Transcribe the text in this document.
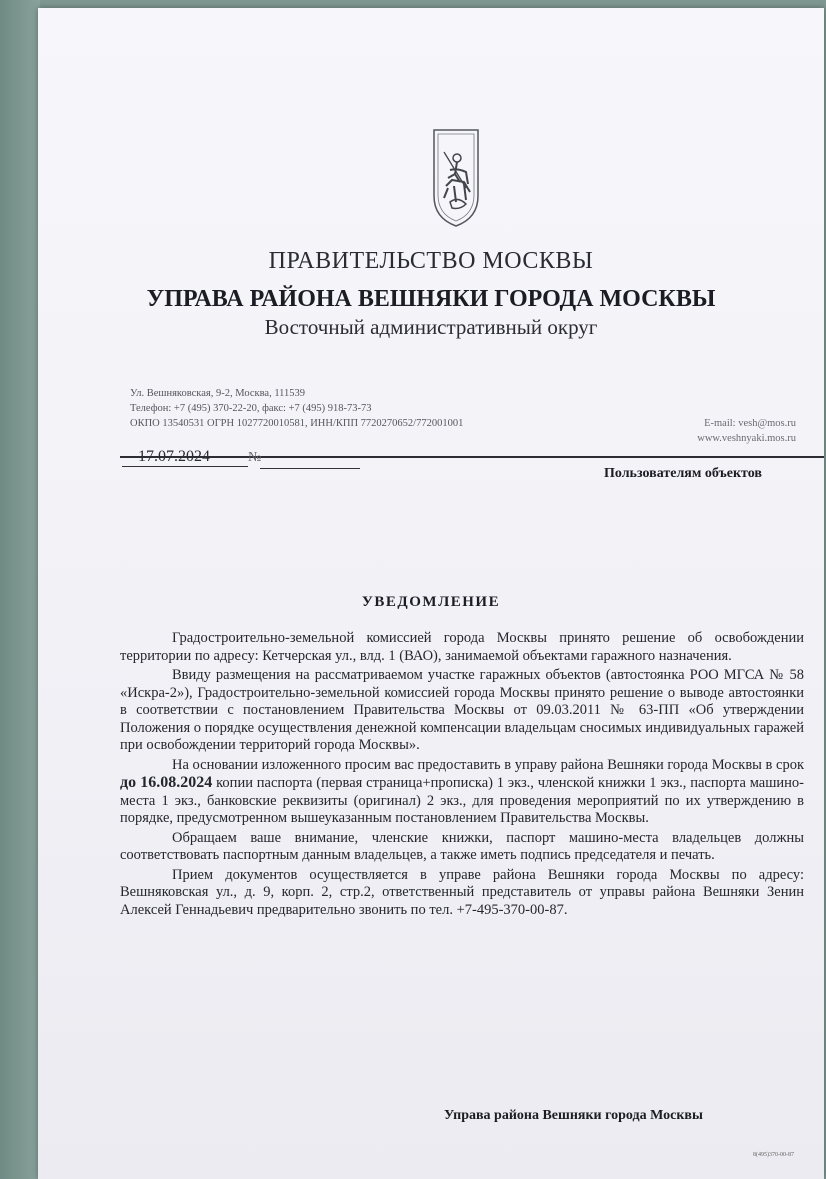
ПРАВИТЕЛЬСТВО МОСКВЫ
УПРАВА РАЙОНА ВЕШНЯКИ ГОРОДА МОСКВЫ
Восточный административный округ
Ул. Вешняковская, 9-2, Москва, 111539
Телефон: +7 (495) 370-22-20, факс: +7 (495) 918-73-73
ОКПО 13540531 ОГРН 1027720010581, ИНН/КПП 7720270652/772001001	E-mail: vesh@mos.ru
www.veshnyaki.mos.ru
17.07.2024	№
Пользователям объектов
УВЕДОМЛЕНИЕ

Градостроительно-земельной комиссией города Москвы принято решение об освобождении территории по адресу: Кетчерская ул., влд. 1 (ВАО), занимаемой объектами гаражного назначения.

Ввиду размещения на рассматриваемом участке гаражных объектов (автостоянка РОО МГСА № 58 «Искра-2»), Градостроительно-земельной комиссией города Москвы принято решение о выводе автостоянки в соответствии с постановлением Правительства Москвы от 09.03.2011 № 63-ПП «Об утверждении Положения о порядке осуществления денежной компенсации владельцам сносимых индивидуальных гаражей при освобождении территорий города Москвы».

На основании изложенного просим вас предоставить в управу района Вешняки города Москвы в срок до 16.08.2024 копии паспорта (первая страница+прописка) 1 экз., членской книжки 1 экз., паспорта машино-места 1 экз., банковские реквизиты (оригинал) 2 экз., для проведения мероприятий по их утверждению в порядке, предусмотренном вышеуказанным постановлением Правительства Москвы.

Обращаем ваше внимание, членские книжки, паспорт машино-места владельцев должны соответствовать паспортным данным владельцев, а также иметь подпись председателя и печать.

Прием документов осуществляется в управе района Вешняки города Москвы по адресу: Вешняковская ул., д. 9, корп. 2, стр.2, ответственный представитель от управы района Вешняки Зенин Алексей Геннадьевич предварительно звонить по тел. +7-495-370-00-87.

Управа района Вешняки города Москвы
8(495)370-00-87
